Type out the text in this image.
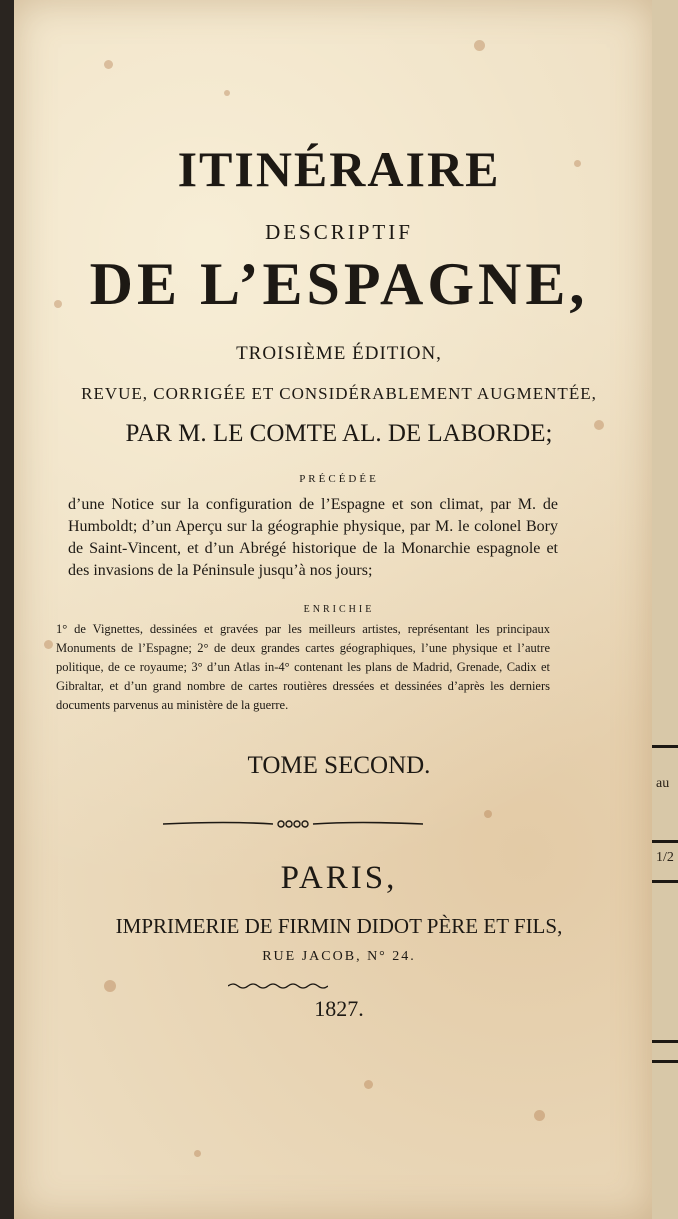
au
1/2
ITINÉRAIRE
DESCRIPTIF
DE L’ESPAGNE,
TROISIÈME ÉDITION,
REVUE, CORRIGÉE ET CONSIDÉRABLEMENT AUGMENTÉE,
PAR M. LE COMTE AL. DE LABORDE;
PRÉCÉDÉE
d’une Notice sur la configuration de l’Espagne et son climat, par M. de Humboldt; d’un Aperçu sur la géographie physique, par M. le colonel Bory de Saint-Vincent, et d’un Abrégé historique de la Monarchie espagnole et des invasions de la Péninsule jusqu’à nos jours;
ENRICHIE
1° de Vignettes, dessinées et gravées par les meilleurs artistes, représentant les principaux Monuments de l’Espagne; 2° de deux grandes cartes géographiques, l’une physique et l’autre politique, de ce royaume; 3° d’un Atlas in-4° contenant les plans de Madrid, Grenade, Cadix et Gibraltar, et d’un grand nombre de cartes routières dressées et dessinées d’après les derniers documents parvenus au ministère de la guerre.
TOME SECOND.
PARIS,
IMPRIMERIE DE FIRMIN DIDOT PÈRE ET FILS,
RUE JACOB, N° 24.
1827.
